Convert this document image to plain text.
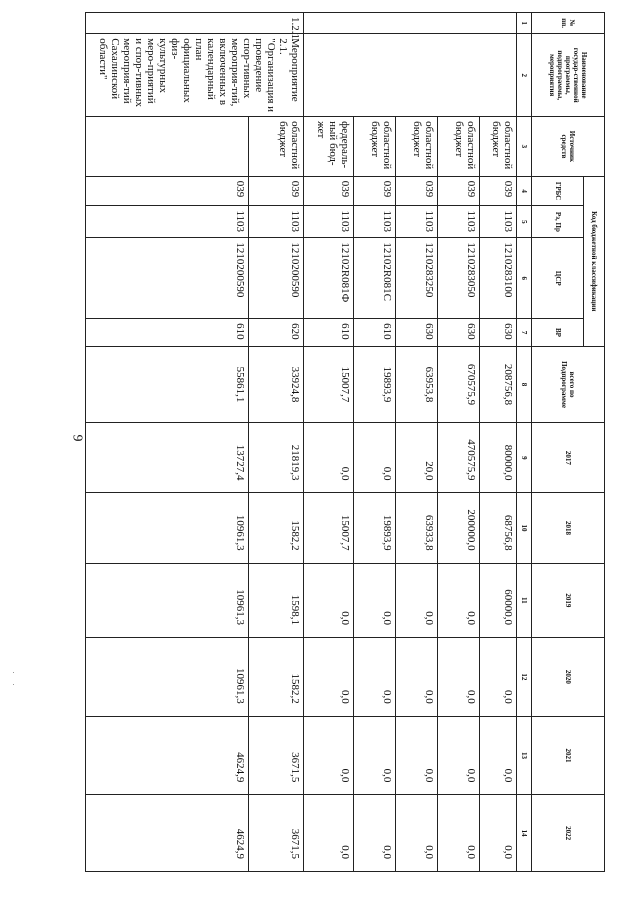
9
№ пп.	Наименование государ-ственной программы, подпрограммы, мероприятия	Источник средств	Код бюджетной классификации				всего по Подпрограмме	2017	2018	2019	2020	2021	2022
			ГРБС	Рз, Пр	ЦСР	ВР							
1	2	3	4	5	6	7	8	9	10	11	12	13	14
		областной бюджет	039	1103	1210283100	630	208756,8	80000,0	68756,8	60000,0	0,0	0,0	0,0
		областной бюджет	039	1103	1210283050	630	670575,9	470575,9	200000,0	0,0	0,0	0,0	0,0
		областной бюджет	039	1103	1210283250	630	63953,8	20,0	63933,8	0,0	0,0	0,0	0,0
		областной бюджет	039	1103	12102R081С	610	19893,9	0,0	19893,9	0,0	0,0	0,0	0,0
		федераль-ный бюд-жет	039	1103	12102R081Ф	610	15007,7	0,0	15007,7	0,0	0,0	0,0	0,0
1.2.1.	Мероприятие 2.1. "Организация и проведение спор-тивных мероприя-тий, включенных в календарный план официальных физ-культурных меро-приятий и спор-тивных мероприя-тий Сахалинской области"	областной бюджет	039	1103	1210200590	620	33924,8	21819,3	1582,2	1598,1	1582,2	3671,5	3671,5
			039	1103	1210200590	610	55861,1	13727,4	10961,3	10961,3	10961,3	4624,9	4624,9
